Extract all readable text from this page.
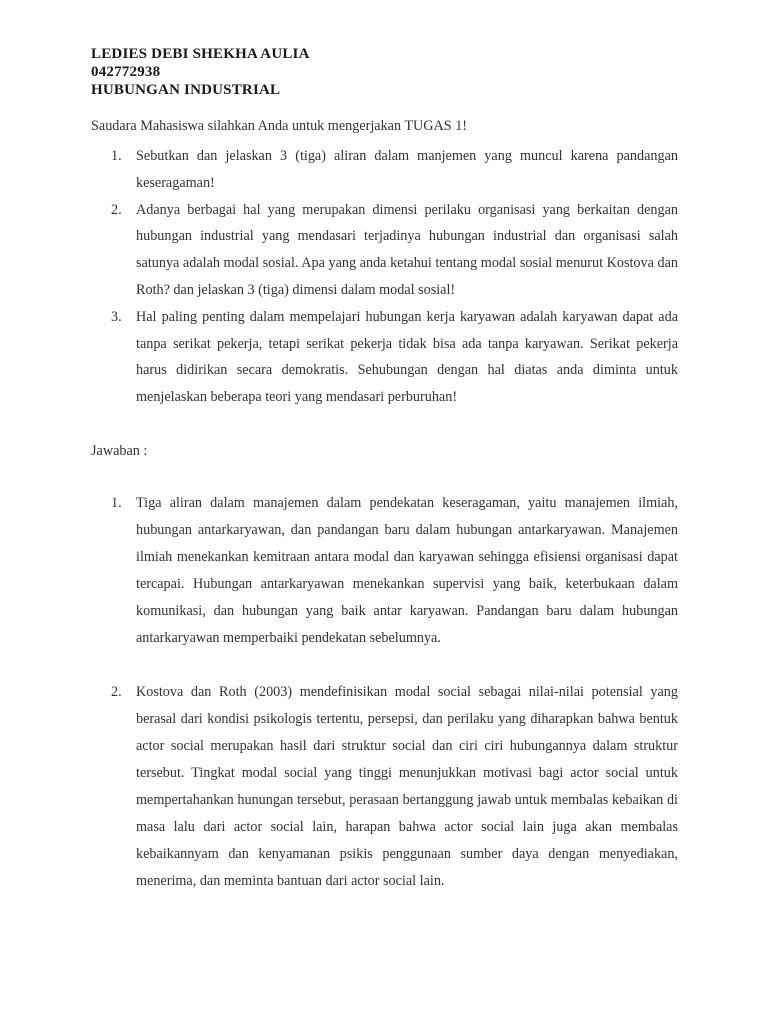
LEDIES DEBI SHEKHA AULIA
042772938
HUBUNGAN INDUSTRIAL
Saudara Mahasiswa silahkan Anda untuk mengerjakan TUGAS 1!
1. Sebutkan dan jelaskan 3 (tiga) aliran dalam manjemen yang muncul karena pandangan keseragaman!
2. Adanya berbagai hal yang merupakan dimensi perilaku organisasi yang berkaitan dengan hubungan industrial yang mendasari terjadinya hubungan industrial dan organisasi salah satunya adalah modal sosial. Apa yang anda ketahui tentang modal sosial menurut Kostova dan Roth? dan jelaskan 3 (tiga) dimensi dalam modal sosial!
3. Hal paling penting dalam mempelajari hubungan kerja karyawan adalah karyawan dapat ada tanpa serikat pekerja, tetapi serikat pekerja tidak bisa ada tanpa karyawan. Serikat pekerja harus didirikan secara demokratis. Sehubungan dengan hal diatas anda diminta untuk menjelaskan beberapa teori yang mendasari perburuhan!
Jawaban :
1. Tiga aliran dalam manajemen dalam pendekatan keseragaman, yaitu manajemen ilmiah, hubungan antarkaryawan, dan pandangan baru dalam hubungan antarkaryawan. Manajemen ilmiah menekankan kemitraan antara modal dan karyawan sehingga efisiensi organisasi dapat tercapai. Hubungan antarkaryawan menekankan supervisi yang baik, keterbukaan dalam komunikasi, dan hubungan yang baik antar karyawan. Pandangan baru dalam hubungan antarkaryawan memperbaiki pendekatan sebelumnya.
2. Kostova dan Roth (2003) mendefinisikan modal social sebagai nilai-nilai potensial yang berasal dari kondisi psikologis tertentu, persepsi, dan perilaku yang diharapkan bahwa bentuk actor social merupakan hasil dari struktur social dan ciri ciri hubungannya dalam struktur tersebut. Tingkat modal social yang tinggi menunjukkan motivasi bagi actor social untuk mempertahankan hunungan tersebut, perasaan bertanggung jawab untuk membalas kebaikan di masa lalu dari actor social lain, harapan bahwa actor social lain juga akan membalas kebaikannyam dan kenyamanan psikis penggunaan sumber daya dengan menyediakan, menerima, dan meminta bantuan dari actor social lain.
